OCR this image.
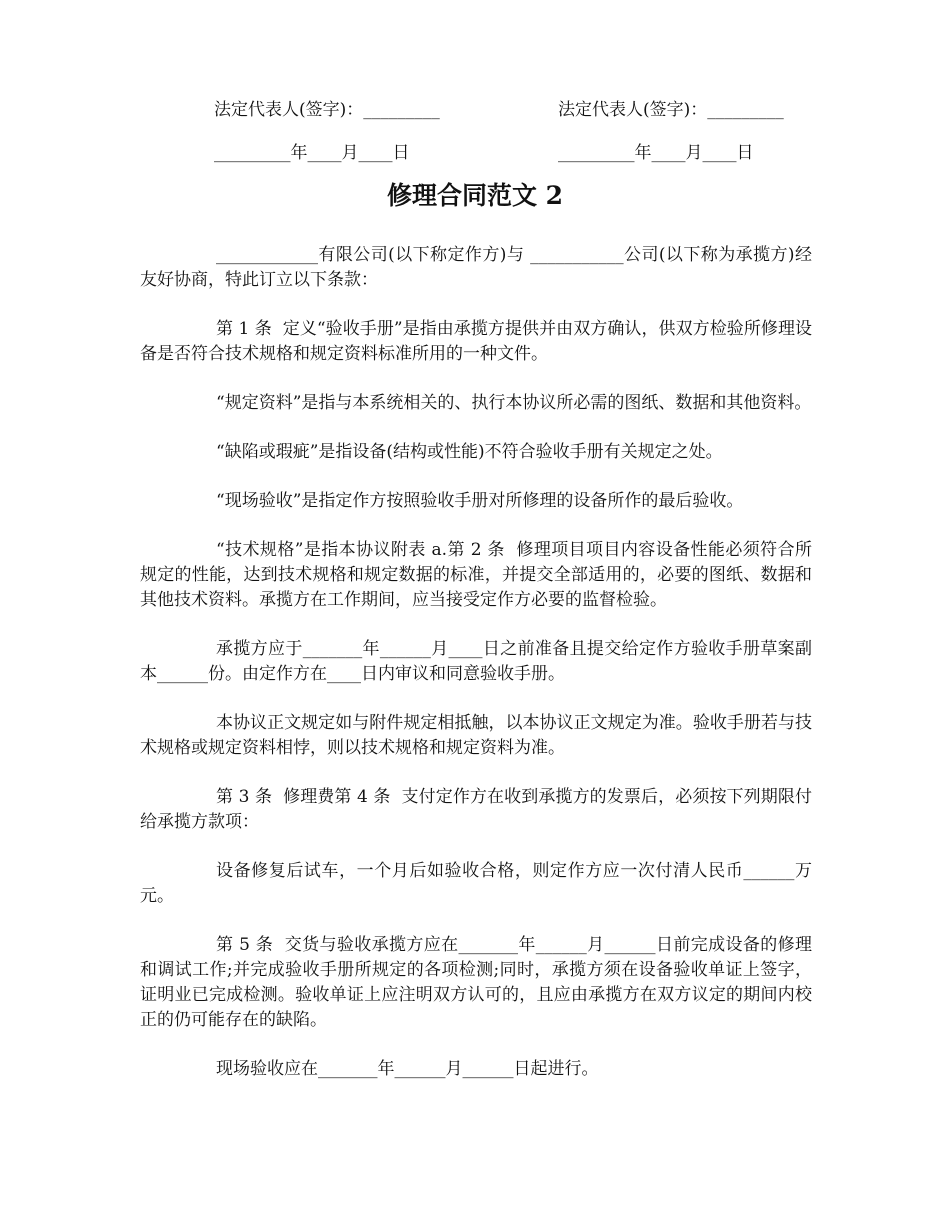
法定代表人(签字)：_________	法定代表人(签字)：_________
_________年____月____日	_________年____月____日
修理合同范文 2

____________有限公司(以下称定作方)与 ___________公司(以下称为承揽方)经友好协商，特此订立以下条款：

第 1 条  定义“验收手册”是指由承揽方提供并由双方确认，供双方检验所修理设备是否符合技术规格和规定资料标准所用的一种文件。

“规定资料”是指与本系统相关的、执行本协议所必需的图纸、数据和其他资料。

“缺陷或瑕疵”是指设备(结构或性能)不符合验收手册有关规定之处。

“现场验收”是指定作方按照验收手册对所修理的设备所作的最后验收。

“技术规格”是指本协议附表 a.第 2 条  修理项目项目内容设备性能必须符合所规定的性能，达到技术规格和规定数据的标准，并提交全部适用的，必要的图纸、数据和其他技术资料。承揽方在工作期间，应当接受定作方必要的监督检验。

承揽方应于_______年______月____日之前准备且提交给定作方验收手册草案副本______份。由定作方在____日内审议和同意验收手册。

本协议正文规定如与附件规定相抵触，以本协议正文规定为准。验收手册若与技术规格或规定资料相悖，则以技术规格和规定资料为准。

第 3 条  修理费第 4 条  支付定作方在收到承揽方的发票后，必须按下列期限付给承揽方款项：

设备修复后试车，一个月后如验收合格，则定作方应一次付清人民币______万元。

第 5 条  交货与验收承揽方应在_______年______月______日前完成设备的修理和调试工作;并完成验收手册所规定的各项检测;同时，承揽方须在设备验收单证上签字，证明业已完成检测。验收单证上应注明双方认可的，且应由承揽方在双方议定的期间内校正的仍可能存在的缺陷。

现场验收应在_______年______月______日起进行。
